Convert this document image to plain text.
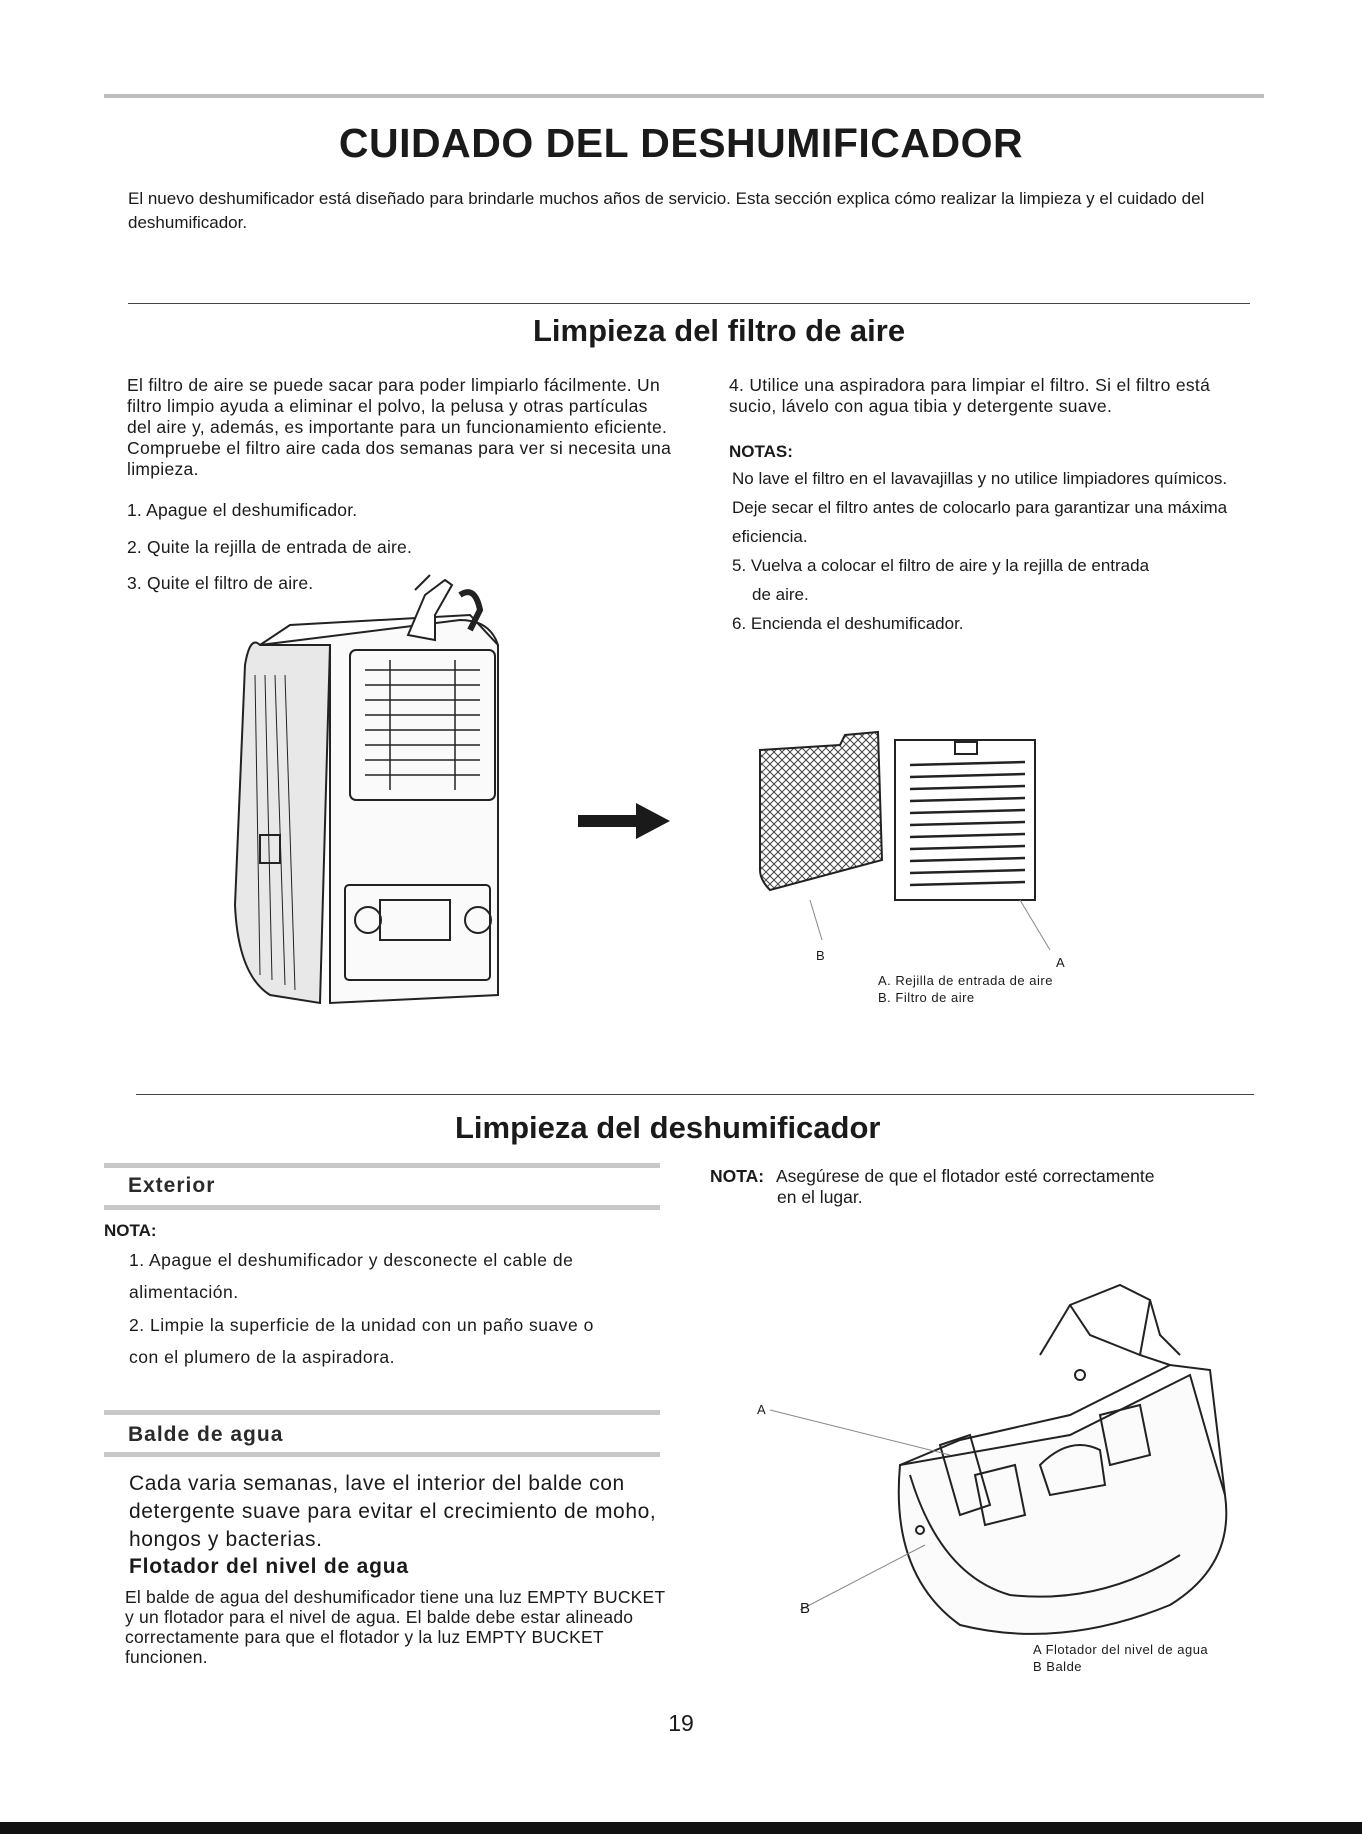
CUIDADO DEL DESHUMIFICADOR
El nuevo deshumificador está diseñado para brindarle muchos años de servicio. Esta sección explica cómo realizar la limpieza y el cuidado del deshumificador.
Limpieza del filtro de aire
El filtro de aire se puede sacar para poder limpiarlo fácilmente. Un filtro limpio ayuda a eliminar el polvo, la pelusa y otras partículas del aire y, además, es importante para un funcionamiento eficiente. Compruebe el filtro aire cada dos semanas para ver si necesita una limpieza.
1. Apague el deshumificador.
2. Quite la rejilla de entrada de aire.
3. Quite el filtro de aire.
4. Utilice una aspiradora para limpiar el filtro. Si el filtro está sucio, lávelo con agua tibia y detergente suave.
NOTAS:
No lave el filtro en el lavavajillas y no utilice limpiadores químicos. Deje secar el filtro antes de colocarlo para garantizar una máxima eficiencia.
5. Vuelva a colocar el filtro de aire y la rejilla de entrada
de aire.
6. Encienda el deshumificador.
B	A
A. Rejilla de entrada de aire
B. Filtro de aire
Limpieza del deshumificador
Exterior
NOTA:
1. Apague el deshumificador y desconecte el cable de
alimentación.
2. Limpie la superficie de la unidad con un paño suave o
con el plumero de la aspiradora.
Balde de agua
Cada varia semanas, lave el interior del balde con detergente suave para evitar el crecimiento de moho, hongos y bacterias.
Flotador del nivel de agua
El balde de agua del deshumificador tiene una luz EMPTY BUCKET y un flotador para el nivel de agua. El balde debe estar alineado correctamente para que el flotador y la luz EMPTY BUCKET funcionen.
NOTA: Asegúrese de que el flotador esté correctamente
en el lugar.
A
B
A Flotador del nivel de agua
B Balde
19
